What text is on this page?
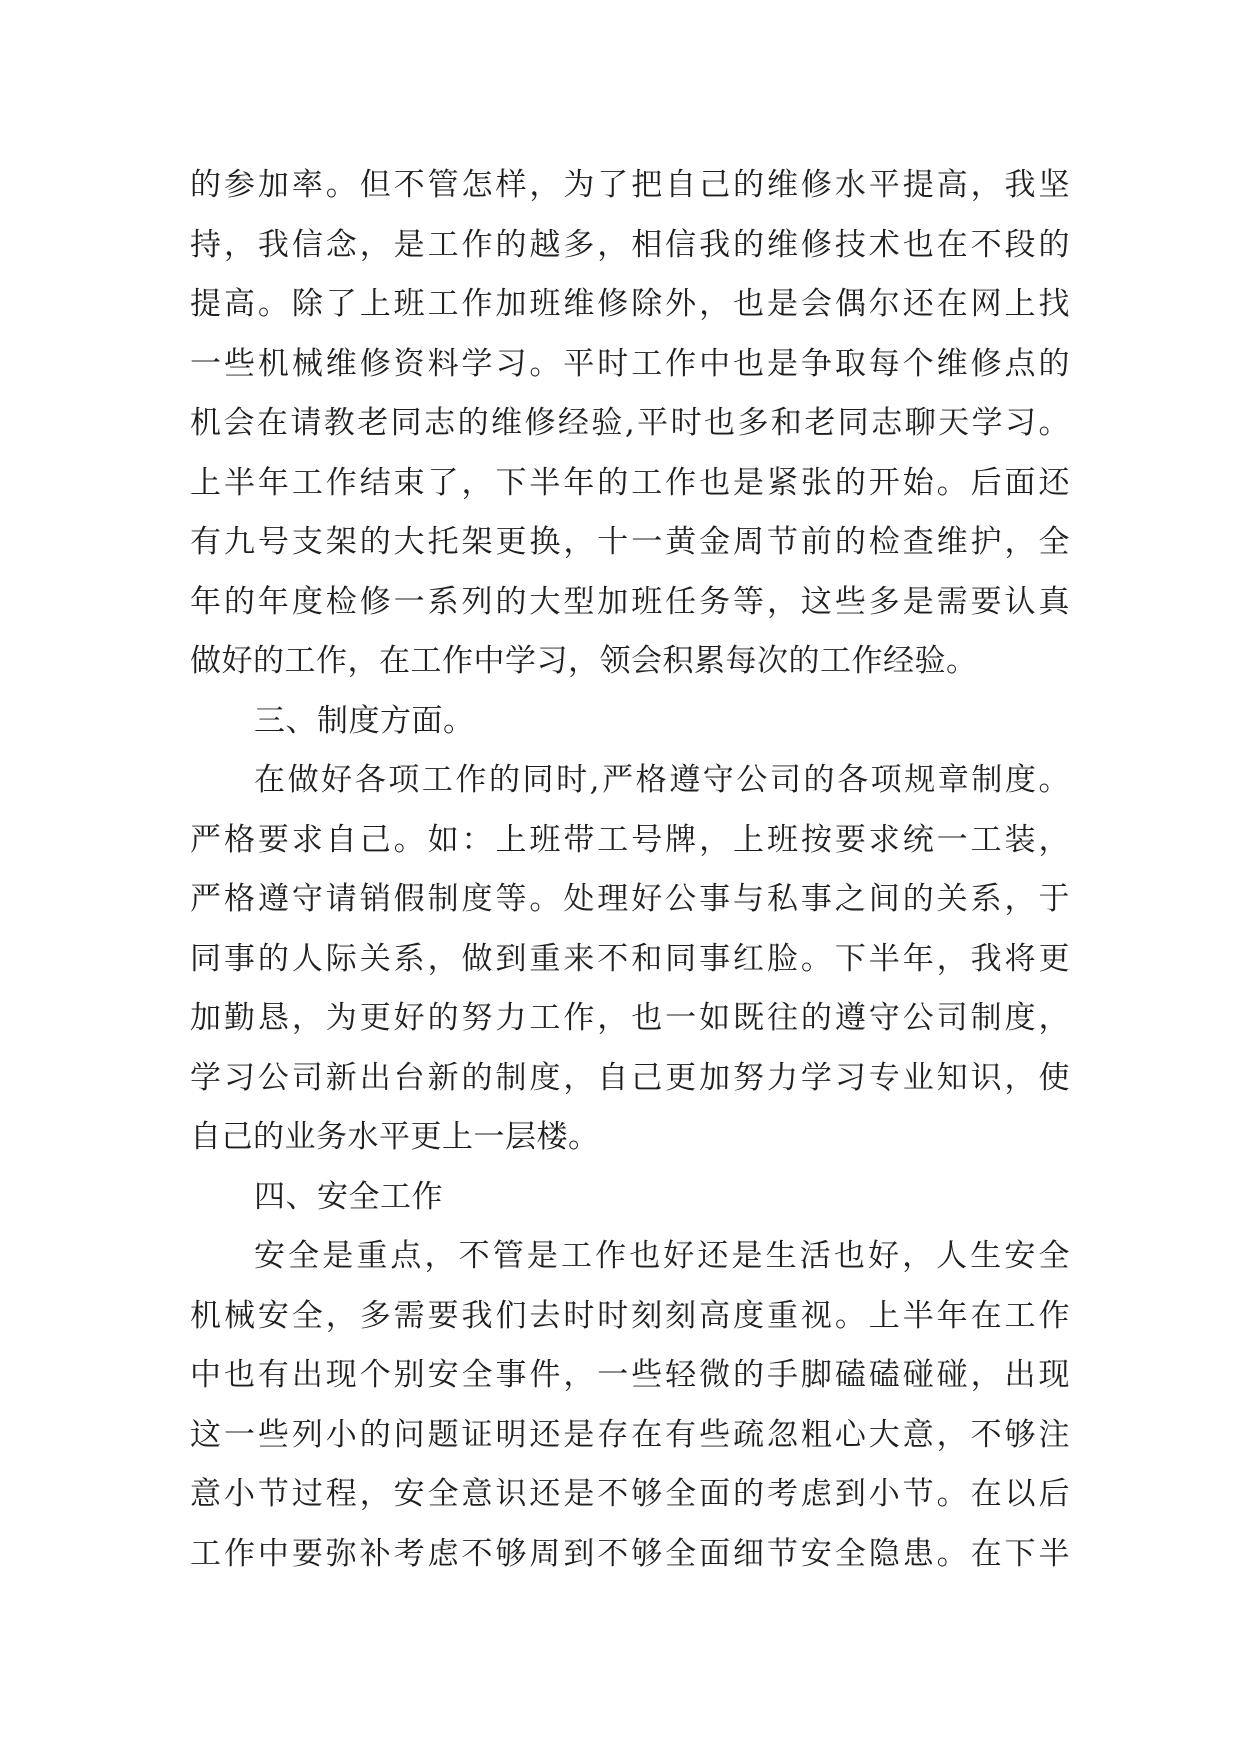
的参加率。但不管怎样，为了把自己的维修水平提高，我坚
持，我信念，是工作的越多，相信我的维修技术也在不段的
提高。除了上班工作加班维修除外，也是会偶尔还在网上找
一些机械维修资料学习。平时工作中也是争取每个维修点的
机会在请教老同志的维修经验,平时也多和老同志聊天学习。
上半年工作结束了，下半年的工作也是紧张的开始。后面还
有九号支架的大托架更换，十一黄金周节前的检查维护，全
年的年度检修一系列的大型加班任务等，这些多是需要认真
做好的工作，在工作中学习，领会积累每次的工作经验。
三、制度方面。
在做好各项工作的同时,严格遵守公司的各项规章制度。
严格要求自己。如：上班带工号牌，上班按要求统一工装，
严格遵守请销假制度等。处理好公事与私事之间的关系，于
同事的人际关系，做到重来不和同事红脸。下半年，我将更
加勤恳，为更好的努力工作，也一如既往的遵守公司制度，
学习公司新出台新的制度，自己更加努力学习专业知识，使
自己的业务水平更上一层楼。
四、安全工作
安全是重点，不管是工作也好还是生活也好，人生安全
机械安全，多需要我们去时时刻刻高度重视。上半年在工作
中也有出现个别安全事件，一些轻微的手脚磕磕碰碰，出现
这一些列小的问题证明还是存在有些疏忽粗心大意，不够注
意小节过程，安全意识还是不够全面的考虑到小节。在以后
工作中要弥补考虑不够周到不够全面细节安全隐患。在下半
